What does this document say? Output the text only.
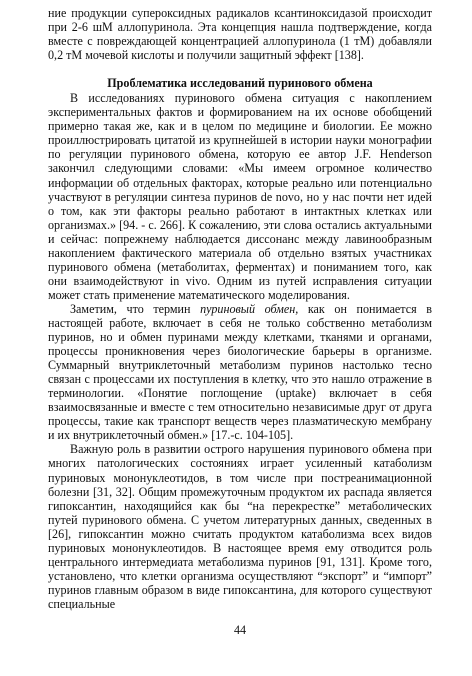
ние продукции супероксидных радикалов ксантиноксидазой происходит при 2-6 шМ аллопуринола. Эта концепция нашла подтверждение, когда вместе с повреждающей концентрацией аллопуринола (1 тМ) добавляли 0,2 тМ мочевой кислоты и получили защитный эффект [138].

Проблематика исследований пуринового обмена

В исследованиях пуринового обмена ситуация с накоплением экспериментальных фактов и формированием на их основе обобщений примерно такая же, как и в целом по медицине и биологии. Ее можно проиллюстрировать цитатой из крупнейшей в истории науки монографии по регуляции пуринового обмена, которую ее автор J.F. Henderson закончил следующими словами: «Мы имеем огромное количество информации об отдельных факторах, которые реально или потенциально участвуют в регуляции синтеза пуринов de novo, но у нас почти нет идей о том, как эти факторы реально работают в интактных клетках или организмах.» [94. - с. 266]. К сожалению, эти слова остались актуальными и сейчас: попрежнему наблюдается диссонанс между лавинообразным накоплением фактического материала об отдельно взятых участниках пуринового обмена (метаболитах, ферментах) и пониманием того, как они взаимодействуют in vivo. Одним из путей исправления ситуации может стать применение математического моделирования.

Заметим, что термин пуриновый обмен, как он понимается в настоящей работе, включает в себя не только собственно метаболизм пуринов, но и обмен пуринами между клетками, тканями и органами, процессы проникновения через биологические барьеры в организме. Суммарный внутриклеточный метаболизм пуринов настолько тесно связан с процессами их поступления в клетку, что это нашло отражение в терминологии. «Понятие поглощение (uptake) включает в себя взаимосвязанные и вместе с тем относительно независимые друг от друга процессы, такие как транспорт веществ через плазматическую мембрану и их внутриклеточный обмен.» [17.-с. 104-105].

Важную роль в развитии острого нарушения пуринового обмена при многих патологических состояниях играет усиленный катаболизм пуриновых мононуклеотидов, в том числе при постреанимационной болезни [31, 32]. Общим промежуточным продуктом их распада является гипоксантин, находящийся как бы “на перекрестке” метаболических путей пуринового обмена. С учетом литературных данных, сведенных в [26], гипоксантин можно считать продуктом катаболизма всех видов пуриновых мононуклеотидов. В настоящее время ему отводится роль центрального интермедиата метаболизма пуринов [91, 131]. Кроме того, установлено, что клетки организма осуществляют “экспорт” и “импорт” пуринов главным образом в виде гипоксантина, для которого существуют специальные

44
